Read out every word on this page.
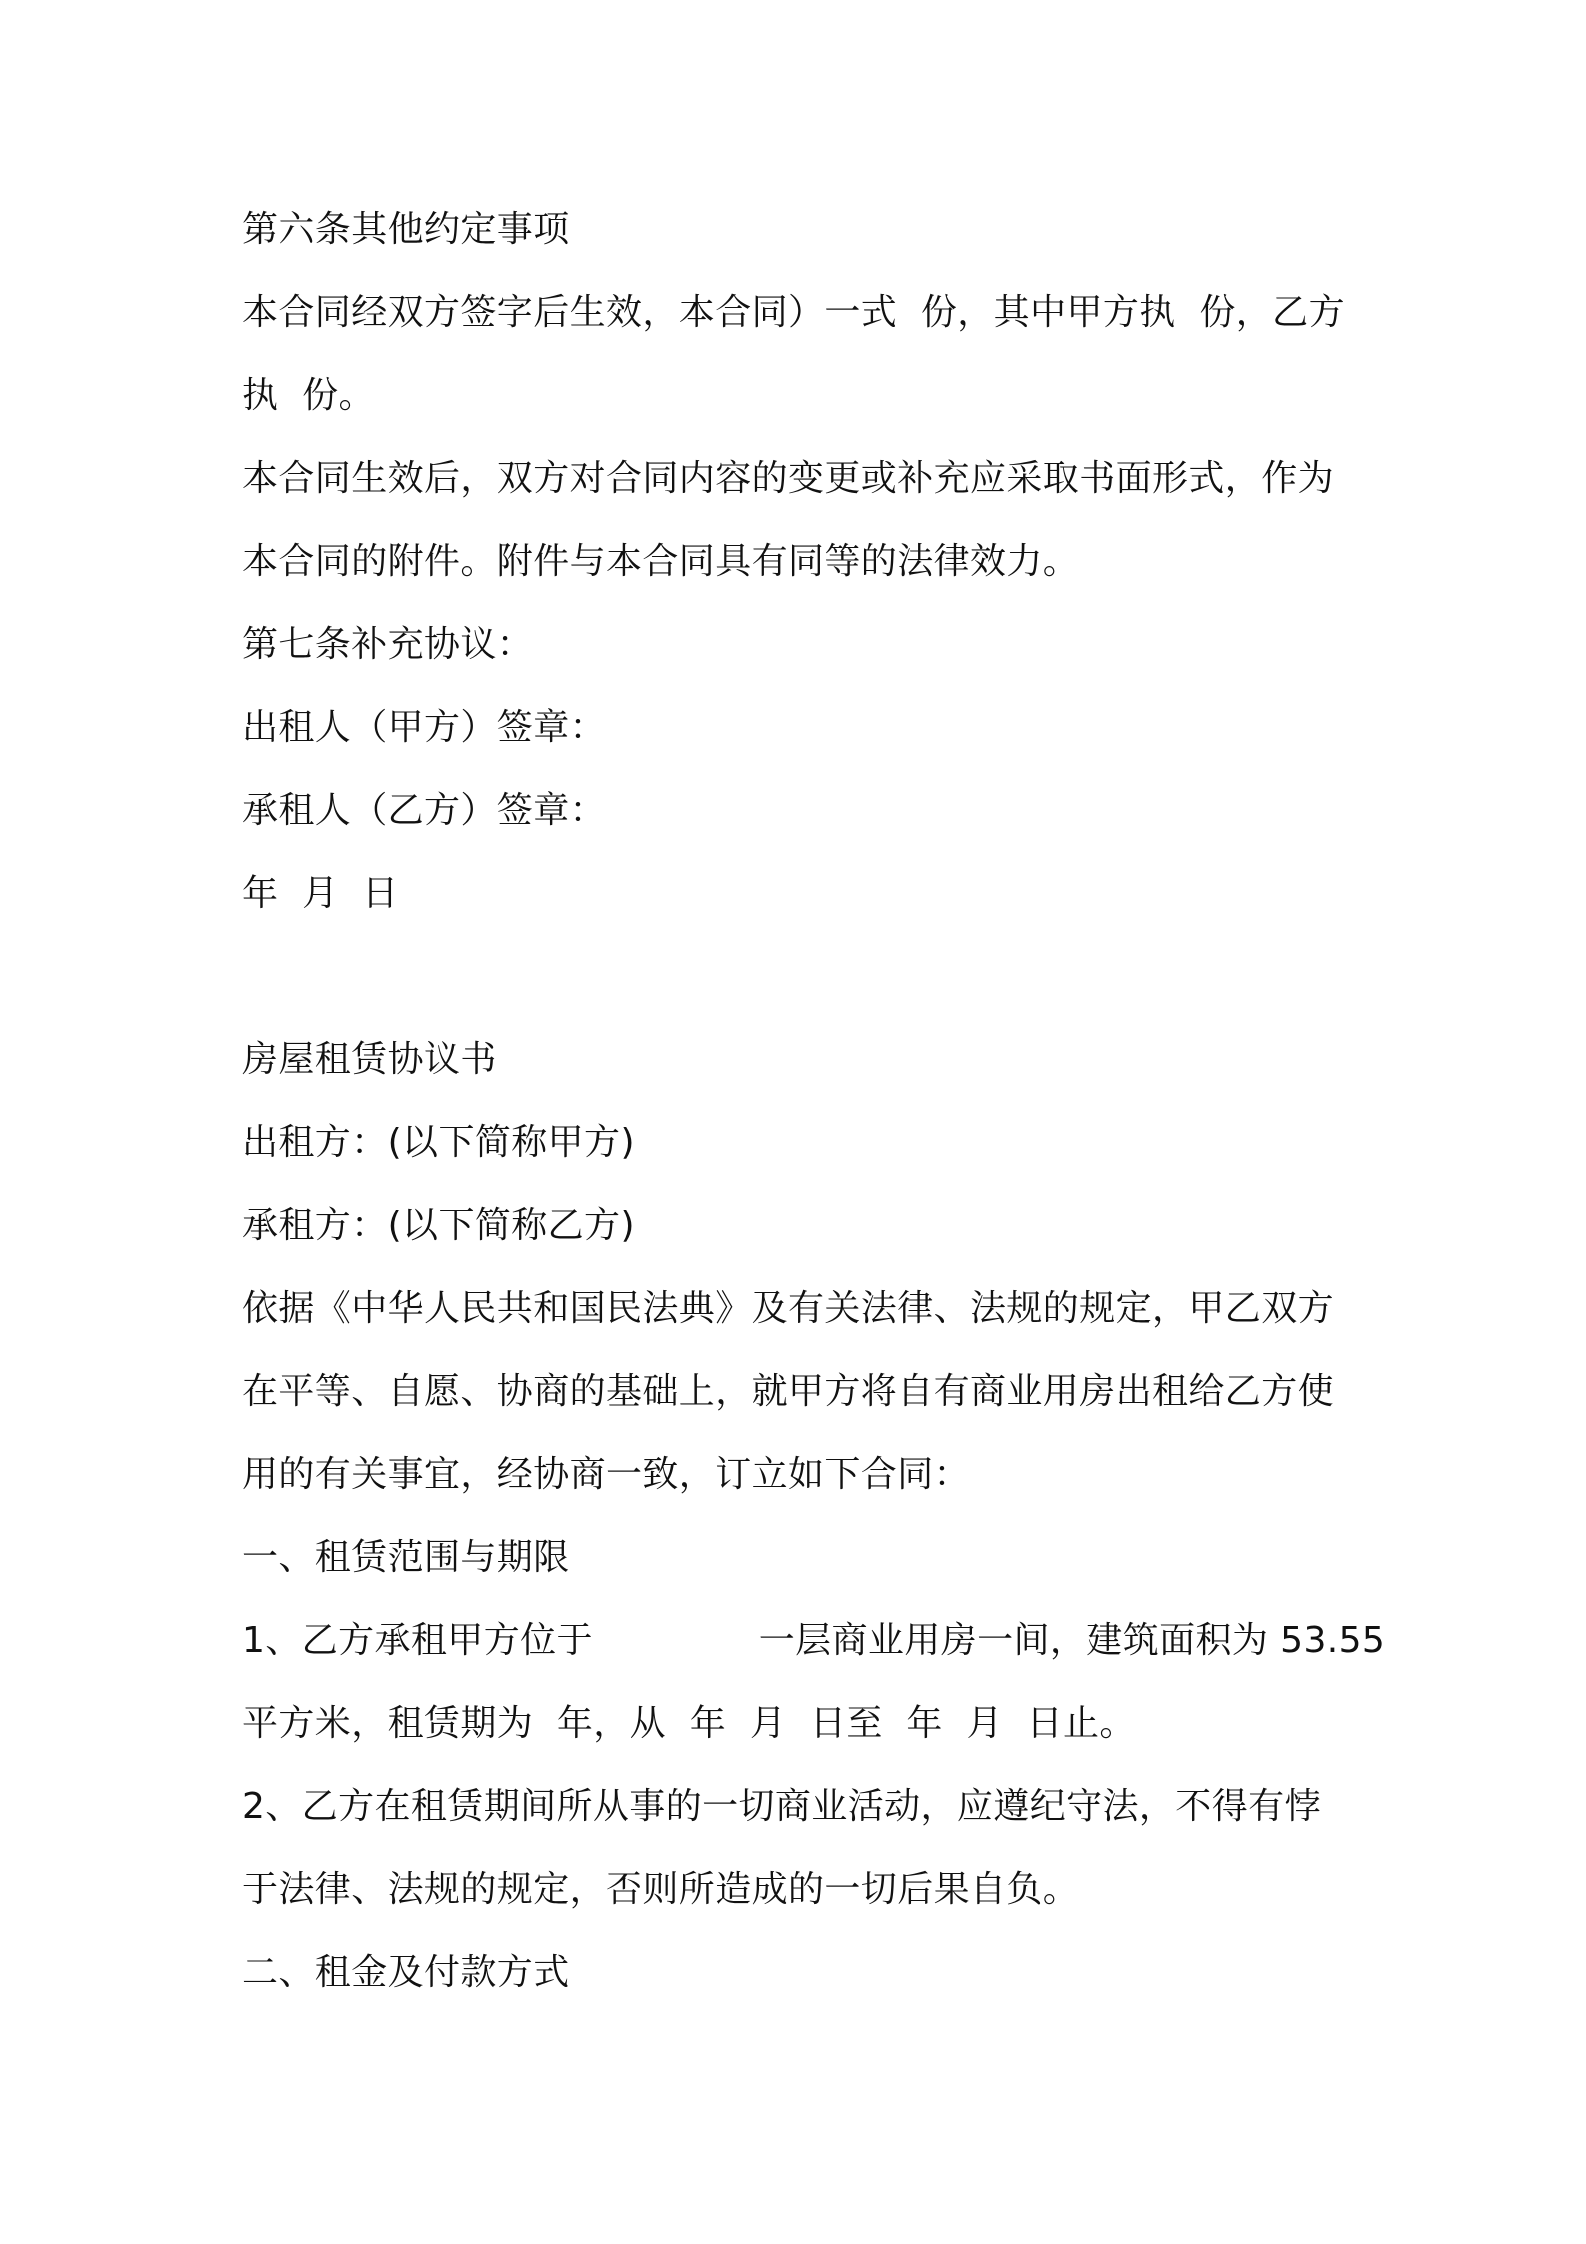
第六条其他约定事项
本合同经双方签字后生效，本合同）一式  份，其中甲方执  份，乙方
执  份。
本合同生效后，双方对合同内容的变更或补充应采取书面形式，作为
本合同的附件。附件与本合同具有同等的法律效力。
第七条补充协议：
出租人（甲方）签章：
承租人（乙方）签章：
年  月  日
房屋租赁协议书
出租方：(以下简称甲方)
承租方：(以下简称乙方)
依据《中华人民共和国民法典》及有关法律、法规的规定，甲乙双方
在平等、自愿、协商的基础上，就甲方将自有商业用房出租给乙方使
用的有关事宜，经协商一致，订立如下合同：
一、租赁范围与期限
1、乙方承租甲方位于              一层商业用房一间，建筑面积为 53.55
平方米，租赁期为  年，从  年  月  日至  年  月  日止。
2、乙方在租赁期间所从事的一切商业活动，应遵纪守法，不得有悖
于法律、法规的规定，否则所造成的一切后果自负。
二、租金及付款方式
